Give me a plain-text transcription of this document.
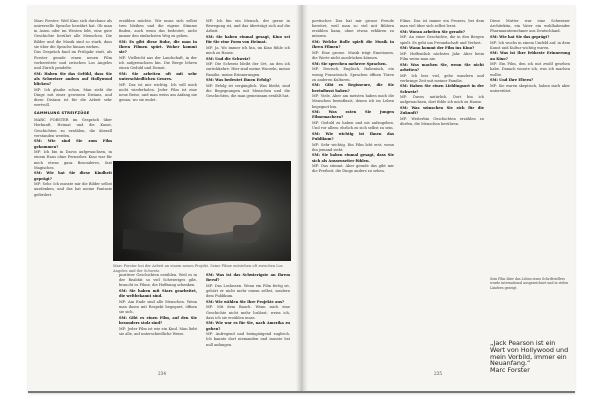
Marc Forster: Weil Kino sich durchaus als universelle Sprache bewährt hat. Ob man in Asien oder im Westen lebt, eine gute Geschichte berührt alle Menschen. Die Bilder und die Musik sind so stark, dass sie über die Sprache hinaus wirken.

Das Gespräch fand im Frühjahr statt, als Forster gerade einen neuen Film vorbereitete und zwischen Los Angeles und Zürich pendelte.

SM: Haben Sie das Gefühl, dass Sie als Schweizer anders auf Hollywood blicken?

MF: Ich glaube schon. Man sieht die Dinge mit einer gewissen Distanz, und diese Distanz ist für die Arbeit sehr wertvoll.

SAMMLUNG STREIFZÜGE

MARC FORSTER im Gespräch über Herkunft, Heimat und die Kunst, Geschichten zu erzählen, die überall verstanden werden.

SM: Wie sind Sie zum Film gekommen?

MF: Ich bin in Davos aufgewachsen, in einem Haus ohne Fernseher. Kino war für mich etwas ganz Besonderes, fast Magisches.

SM: Wie hat Sie diese Kindheit geprägt?

MF: Sehr. Ich musste mir die Bilder selbst ausdenken, und das hat meine Fantasie gefördert.

erzählen möchte. Wir muss sich selbst treu bleiben und die eigene Stimme finden, auch wenn das bedeutet, nicht immer den einfachsten Weg zu gehen.

SM: Es gibt diese Ruhe, die man in Ihren Filmen spürt. Woher kommt sie?

MF: Vielleicht aus der Landschaft, in der ich aufgewachsen bin. Die Berge lehren einen Geduld und Demut.

SM: Sie arbeiten oft mit sehr unterschiedlichen Genres.

MF: Das ist mir wichtig. Ich will mich nicht wiederholen. Jeder Film ist eine neue Reise, und man weiss am Anfang nie genau, wo sie endet.

MF: Ich bin ein Mensch, der gerne in Bewegung ist, und das überträgt sich auf die Arbeit.

SM: Sie haben einmal gesagt, Kino sei für Sie eine Form von Heimat.

MF: Ja. Wo immer ich bin, im Kino fühle ich mich zu Hause.

SM: Und die Schweiz?

MF: Die Schweiz bleibt der Ort, an den ich zurückkehre. Hier sind meine Wurzeln, meine Familie, meine Erinnerungen.

SM: Was bedeutet Ihnen Erfolg?

MF: Erfolg ist vergänglich. Was bleibt, sind die Begegnungen mit Menschen und die Geschichten, die man gemeinsam erzählt hat.

Marc Forster bei der Arbeit an einem neuen Projekt. Seine Filme entstehen oft zwischen Los Angeles und der Schweiz.

positiver Geschichten erzählen. Weil es in der Realität so viel Schwieriges gibt, braucht es Filme, die Hoffnung schenken.

SM: Sie haben mit Stars gearbeitet, die weltbekannt sind.

MF: Am Ende sind alle Menschen. Wenn man ihnen mit Respekt begegnet, öffnen sie sich.

SM: Gibt es einen Film, auf den Sie besonders stolz sind?

MF: Jeder Film ist wie ein Kind. Man liebt sie alle, auf unterschiedliche Weise.

SM: Was ist das Schwierigste an Ihrem Beruf?

MF: Das Loslassen. Wenn ein Film fertig ist, gehört er nicht mehr einem selbst, sondern dem Publikum.

SM: Wie wählen Sie Ihre Projekte aus?

MF: Mit dem Bauch. Wenn mich eine Geschichte nicht mehr loslässt, weiss ich, dass ich sie erzählen muss.

SM: Wie war es für Sie, nach Amerika zu gehen?

MF: Aufregend und beängstigend zugleich. Ich kannte dort niemanden und musste bei null anfangen.

234

poetischer. Das hat mir grosse Freude bereitet, weil man so viel mit Bildern erzählen kann, ohne etwas erklären zu müssen.

SM: Welche Rolle spielt die Musik in Ihren Filmen?

MF: Eine grosse. Musik trägt Emotionen, die Worte nicht ausdrücken können.

SM: Sie sprechen mehrere Sprachen.

MF: Deutsch, Englisch, Italienisch, ein wenig Französisch. Sprachen öffnen Türen zu anderen Kulturen.

SM: Gibt es Regisseure, die Sie beeinflusst haben?

MF: Viele. Aber am meisten haben mich die Menschen beeinflusst, denen ich im Leben begegnet bin.

SM: Was raten Sie jungen Filmemachern?

MF: Geduld zu haben und nie aufzugeben. Und vor allem: ehrlich zu sich selbst zu sein.

SM: Wie wichtig ist Ihnen das Publikum?

MF: Sehr wichtig. Ein Film lebt erst, wenn ihn jemand sieht.

SM: Sie haben einmal gesagt, dass Sie sich als Aussenseiter fühlen.

MF: Das stimmt. Aber gerade das gibt mir die Freiheit, die Dinge anders zu sehen.

Filme. Das ist immer ein Prozess, bei dem man viel über sich selbst lernt.

SM: Woran arbeiten Sie gerade?

MF: An einer Geschichte, die in den Bergen spielt. Es geht um Freundschaft und Verlust.

SM: Wann kommt der Film ins Kino?

MF: Hoffentlich nächstes Jahr. Aber beim Film weiss man nie.

SM: Was machen Sie, wenn Sie nicht arbeiten?

MF: Ich lese viel, gehe wandern und verbringe Zeit mit meiner Familie.

SM: Haben Sie einen Lieblingsort in der Schweiz?

MF: Davos natürlich. Dort bin ich aufgewachsen, dort fühle ich mich zu Hause.

SM: Was wünschen Sie sich für die Zukunft?

MF: Weiterhin Geschichten erzählen zu dürfen, die Menschen berühren.

Diese Mutter war eine Schweizer Architektin, ein Vater ein wohlhabender Pharmaunternehmer aus Deutschland.

SM: Wie hat Sie das geprägt?

MF: Ich wuchs in einem Umfeld auf, in dem Kunst und Kultur wichtig waren.

SM: Was ist Ihre früheste Erinnerung an Kino?

MF: Ein Film, den ich mit zwölf gesehen habe. Danach wusste ich, was ich machen wollte.

SM: Und Ihre Eltern?

MF: Sie waren skeptisch, haben mich aber unterstützt.

Sein Film über das Leben eines Schriftstellers wurde international ausgezeichnet und in vielen Ländern gezeigt.
„Jack Pearson ist ein Wert von Hollywood und mein Vorbild, immer ein Neuanfang.“
Marc Forster
235
